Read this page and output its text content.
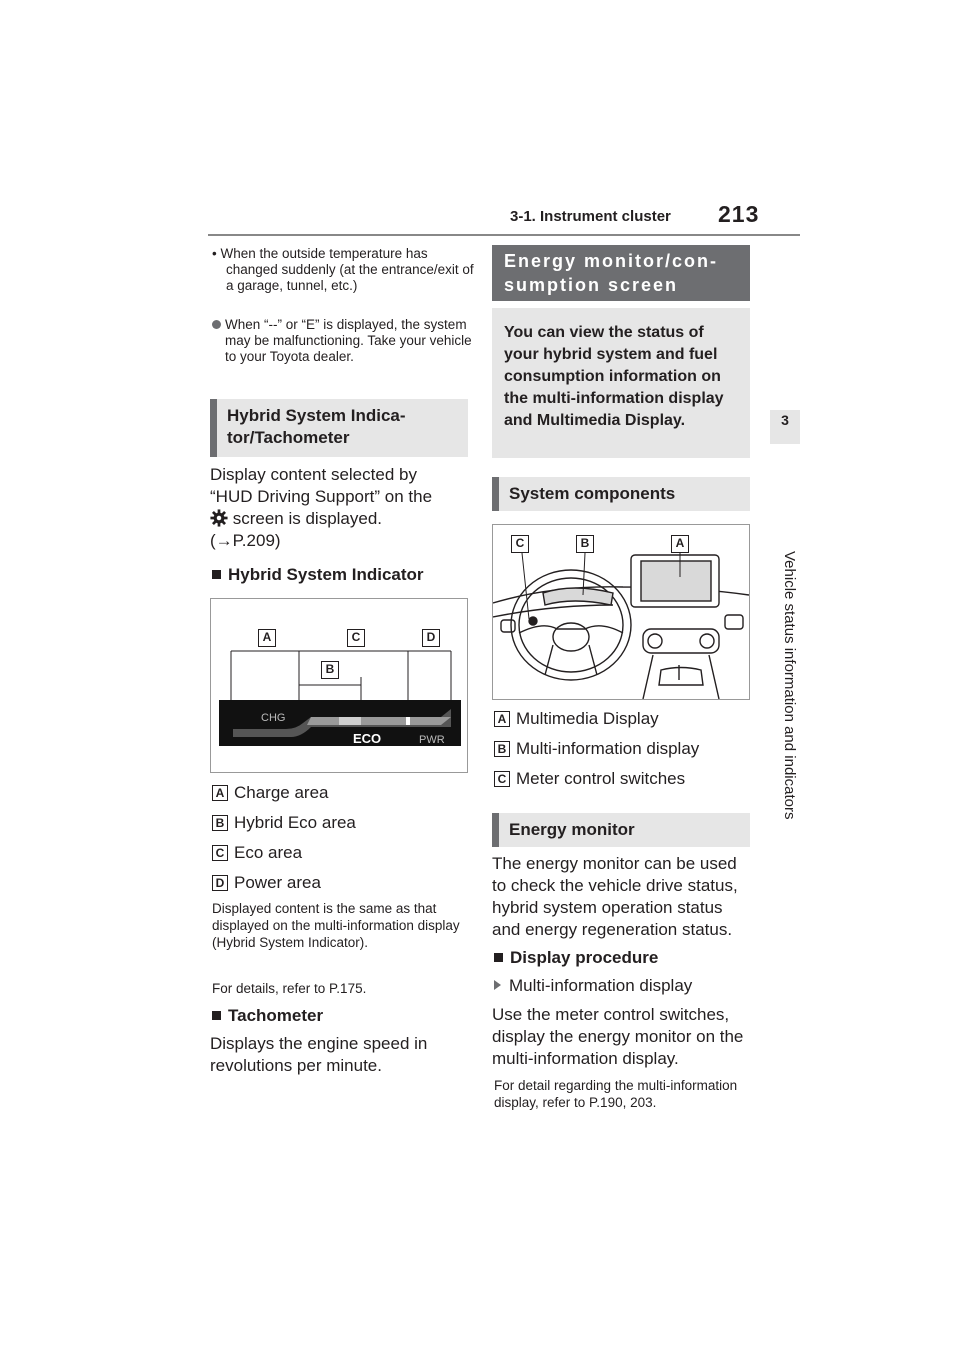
3-1. Instrument cluster 213
3
Vehicle status information and indicators
• When the outside temperature has changed suddenly (at the entrance/exit of a garage, tunnel, etc.)
When “--” or “E” is displayed, the system may be malfunctioning. Take your vehicle to your Toyota dealer.
Hybrid System Indica-
tor/Tachometer
Display content selected by
“HUD Driving Support” on the
screen is displayed.
(→P.209)
Hybrid System Indicator
CHG
ECO	PWR
A	C	D
B
A Charge area
B Hybrid Eco area
C Eco area
D Power area
Displayed content is the same as that displayed on the multi-information display (Hybrid System Indicator).
For details, refer to P.175.
Tachometer
Displays the engine speed in revolutions per minute.
Energy monitor/con-
sumption screen
You can view the status of your hybrid system and fuel consumption information on the multi-information display and Multimedia Display.
System components
C	B	A
A Multimedia Display
B Multi-information display
C Meter control switches
Energy monitor
The energy monitor can be used to check the vehicle drive status, hybrid system operation status and energy regeneration status.
Display procedure
Multi-information display
Use the meter control switches, display the energy monitor on the multi-information display.
For detail regarding the multi-information display, refer to P.190, 203.
